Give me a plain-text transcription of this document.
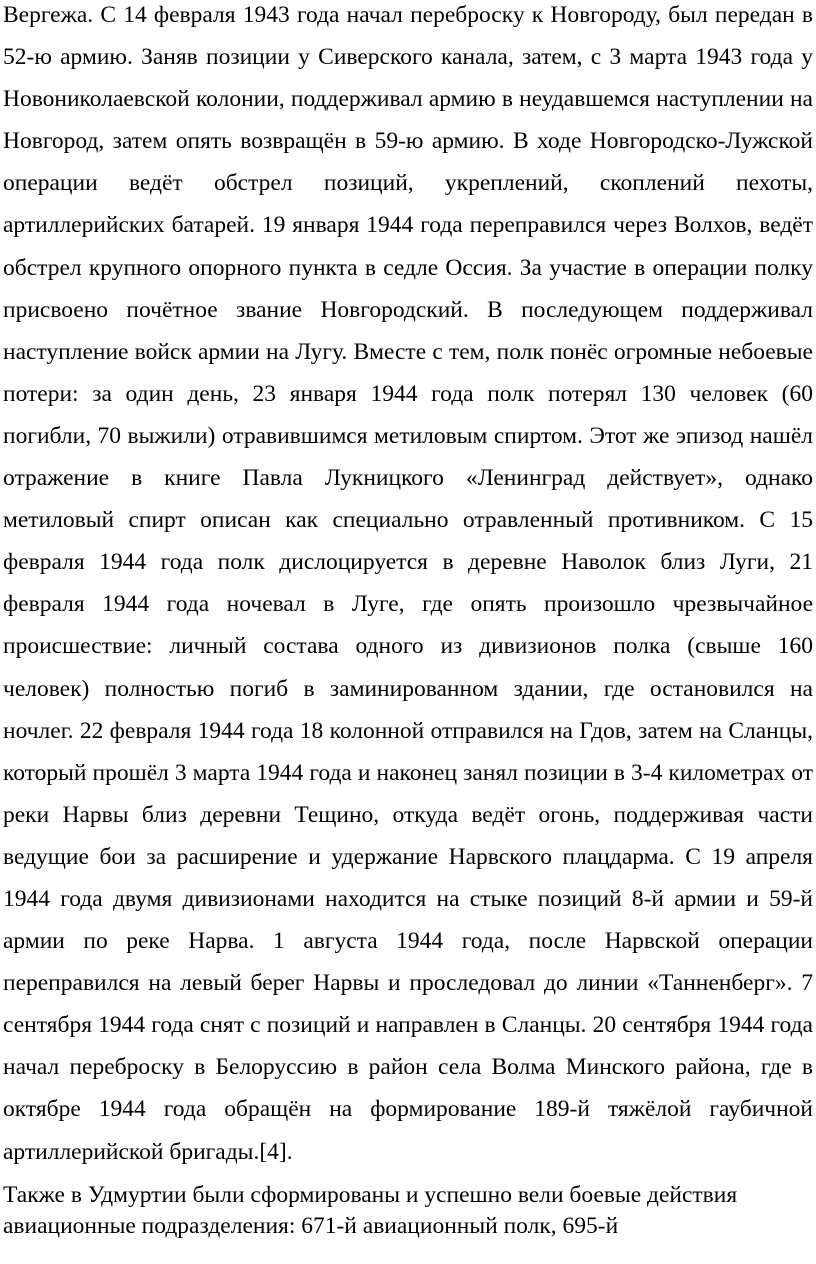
Вергежа. С 14 февраля 1943 года начал переброску к Новгороду, был передан в 52-ю армию. Заняв позиции у Сиверского канала, затем, с 3 марта 1943 года у Новониколаевской колонии, поддерживал армию в неудавшемся наступлении на Новгород, затем опять возвращён в 59-ю армию. В ходе Новгородско-Лужской операции ведёт обстрел позиций, укреплений, скоплений пехоты, артиллерийских батарей. 19 января 1944 года переправился через Волхов, ведёт обстрел крупного опорного пункта в седле Оссия. За участие в операции полку присвоено почётное звание Новгородский. В последующем поддерживал наступление войск армии на Лугу. Вместе с тем, полк понёс огромные небоевые потери: за один день, 23 января 1944 года полк потерял 130 человек (60 погибли, 70 выжили) отравившимся метиловым спиртом. Этот же эпизод нашёл отражение в книге Павла Лукницкого «Ленинград действует», однако метиловый спирт описан как специально отравленный противником. С 15 февраля 1944 года полк дислоцируется в деревне Наволок близ Луги, 21 февраля 1944 года ночевал в Луге, где опять произошло чрезвычайное происшествие: личный состава одного из дивизионов полка (свыше 160 человек) полностью погиб в заминированном здании, где остановился на ночлег. 22 февраля 1944 года 18 колонной отправился на Гдов, затем на Сланцы, который прошёл 3 марта 1944 года и наконец занял позиции в 3-4 километрах от реки Нарвы близ деревни Тещино, откуда ведёт огонь, поддерживая части ведущие бои за расширение и удержание Нарвского плацдарма. С 19 апреля 1944 года двумя дивизионами находится на стыке позиций 8-й армии и 59-й армии по реке Нарва. 1 августа 1944 года, после Нарвской операции переправился на левый берег Нарвы и проследовал до линии «Танненберг». 7 сентября 1944 года снят с позиций и направлен в Сланцы. 20 сентября 1944 года начал переброску в Белоруссию в район села Волма Минского района, где в октябре 1944 года обращён на формирование 189-й тяжёлой гаубичной артиллерийской бригады.[4].

Также в Удмуртии были сформированы и успешно вели боевые действия авиационные подразделения: 671-й авиационный полк, 695-й
